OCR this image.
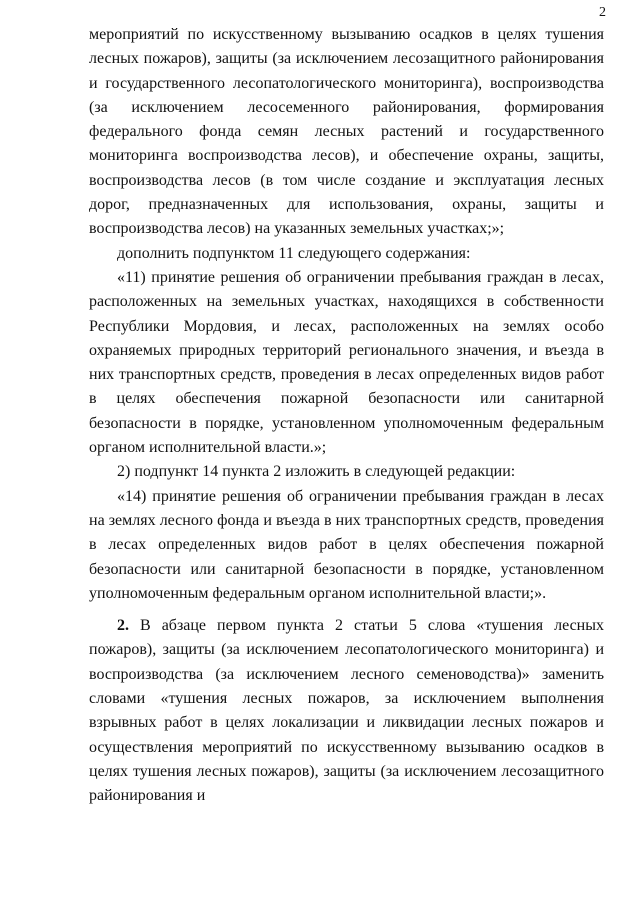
2

мероприятий по искусственному вызыванию осадков в целях тушения лесных пожаров), защиты (за исключением лесозащитного районирования и государственного лесопатологического мониторинга), воспроизводства (за исключением лесосеменного районирования, формирования федерального фонда семян лесных растений и государственного мониторинга воспроизводства лесов), и обеспечение охраны, защиты, воспроизводства лесов (в том числе создание и эксплуатация лесных дорог, предназначенных для использования, охраны, защиты и воспроизводства лесов) на указанных земельных участках;»;

дополнить подпунктом 11 следующего содержания:

«11) принятие решения об ограничении пребывания граждан в лесах, расположенных на земельных участках, находящихся в собственности Республики Мордовия, и лесах, расположенных на землях особо охраняемых природных территорий регионального значения, и въезда в них транспортных средств, проведения в лесах определенных видов работ в целях обеспечения пожарной безопасности или санитарной безопасности в порядке, установленном уполномоченным федеральным органом исполнительной власти.»;

2) подпункт 14 пункта 2 изложить в следующей редакции:

«14) принятие решения об ограничении пребывания граждан в лесах на землях лесного фонда и въезда в них транспортных средств, проведения в лесах определенных видов работ в целях обеспечения пожарной безопасности или санитарной безопасности в порядке, установленном уполномоченным федеральным органом исполнительной власти;».

2. В абзаце первом пункта 2 статьи 5 слова «тушения лесных пожаров), защиты (за исключением лесопатологического мониторинга) и воспроизводства (за исключением лесного семеноводства)» заменить словами «тушения лесных пожаров, за исключением выполнения взрывных работ в целях локализации и ликвидации лесных пожаров и осуществления мероприятий по искусственному вызыванию осадков в целях тушения лесных пожаров), защиты (за исключением лесозащитного районирования и
